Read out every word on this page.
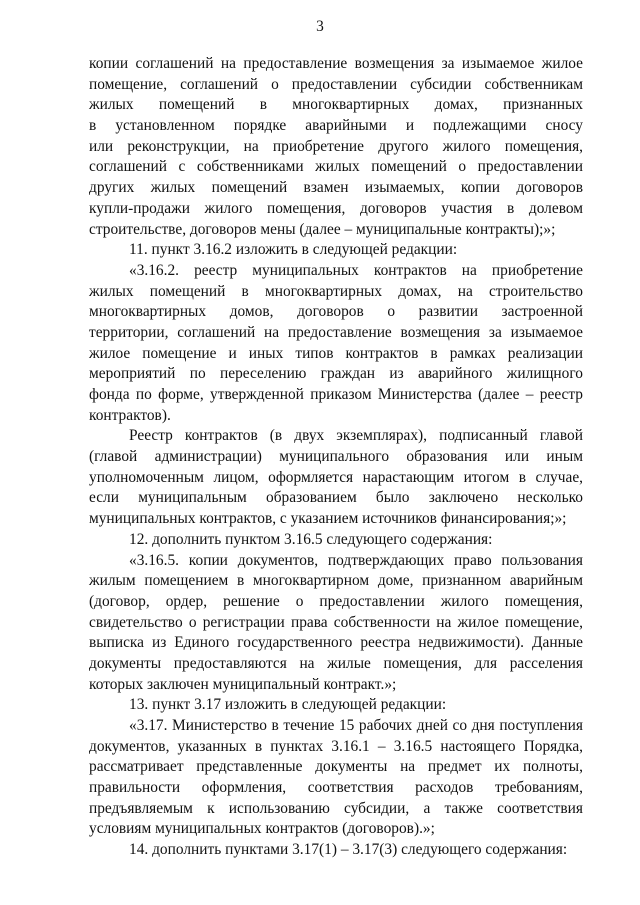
3
копии соглашений на предоставление возмещения за изымаемое жилое
помещение, соглашений о предоставлении субсидии собственникам
жилых помещений в многоквартирных домах, признанных
в установленном порядке аварийными и подлежащими сносу
или реконструкции, на приобретение другого жилого помещения,
соглашений с собственниками жилых помещений о предоставлении
других жилых помещений взамен изымаемых, копии договоров
купли-продажи жилого помещения, договоров участия в долевом
строительстве, договоров мены (далее – муниципальные контракты);»;
11. пункт 3.16.2 изложить в следующей редакции:
«3.16.2. реестр муниципальных контрактов на приобретение
жилых помещений в многоквартирных домах, на строительство
многоквартирных домов, договоров о развитии застроенной
территории, соглашений на предоставление возмещения за изымаемое
жилое помещение и иных типов контрактов в рамках реализации
мероприятий по переселению граждан из аварийного жилищного
фонда по форме, утвержденной приказом Министерства (далее – реестр
контрактов).
Реестр контрактов (в двух экземплярах), подписанный главой
(главой администрации) муниципального образования или иным
уполномоченным лицом, оформляется нарастающим итогом в случае,
если муниципальным образованием было заключено несколько
муниципальных контрактов, с указанием источников финансирования;»;
12. дополнить пунктом 3.16.5 следующего содержания:
«3.16.5. копии документов, подтверждающих право пользования
жилым помещением в многоквартирном доме, признанном аварийным
(договор, ордер, решение о предоставлении жилого помещения,
свидетельство о регистрации права собственности на жилое помещение,
выписка из Единого государственного реестра недвижимости). Данные
документы предоставляются на жилые помещения, для расселения
которых заключен муниципальный контракт.»;
13. пункт 3.17 изложить в следующей редакции:
«3.17. Министерство в течение 15 рабочих дней со дня поступления
документов, указанных в пунктах 3.16.1 – 3.16.5 настоящего Порядка,
рассматривает представленные документы на предмет их полноты,
правильности оформления, соответствия расходов требованиям,
предъявляемым к использованию субсидии, а также соответствия
условиям муниципальных контрактов (договоров).»;
14. дополнить пунктами 3.17(1) – 3.17(3) следующего содержания:
